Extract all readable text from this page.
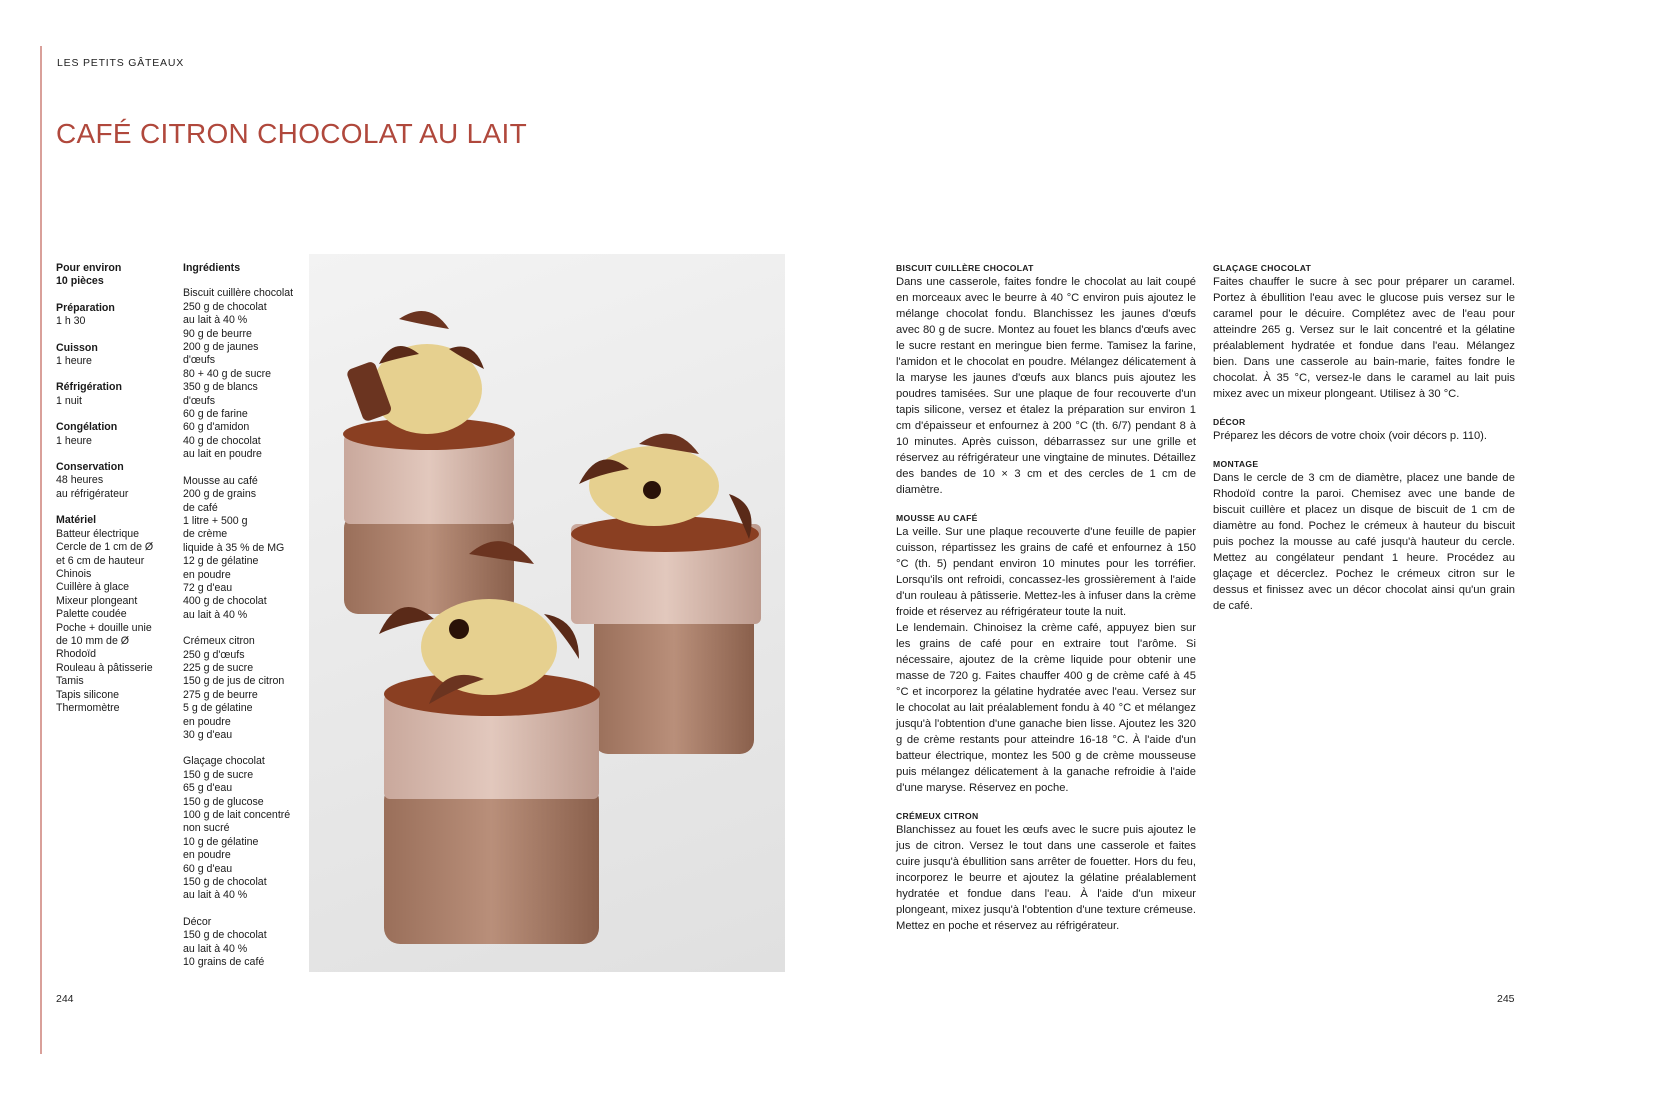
LES PETITS GÂTEAUX
CAFÉ CITRON CHOCOLAT AU LAIT
Pour environ
10 pièces
Préparation
1 h 30
Cuisson
1 heure
Réfrigération
1 nuit
Congélation
1 heure
Conservation
48 heures
au réfrigérateur
Matériel
Batteur électrique
Cercle de 1 cm de Ø
et 6 cm de hauteur
Chinois
Cuillère à glace
Mixeur plongeant
Palette coudée
Poche + douille unie
de 10 mm de Ø
Rhodoïd
Rouleau à pâtisserie
Tamis
Tapis silicone
Thermomètre
Ingrédients
Biscuit cuillère chocolat
250 g de chocolat
au lait à 40 %
90 g de beurre
200 g de jaunes
d'œufs
80 + 40 g de sucre
350 g de blancs
d'œufs
60 g de farine
60 g d'amidon
40 g de chocolat
au lait en poudre
Mousse au café
200 g de grains
de café
1 litre + 500 g
de crème
liquide à 35 % de MG
12 g de gélatine
en poudre
72 g d'eau
400 g de chocolat
au lait à 40 %
Crémeux citron
250 g d'œufs
225 g de sucre
150 g de jus de citron
275 g de beurre
5 g de gélatine
en poudre
30 g d'eau
Glaçage chocolat
150 g de sucre
65 g d'eau
150 g de glucose
100 g de lait concentré
non sucré
10 g de gélatine
en poudre
60 g d'eau
150 g de chocolat
au lait à 40 %
Décor
150 g de chocolat
au lait à 40 %
10 grains de café
BISCUIT CUILLÈRE CHOCOLAT
Dans une casserole, faites fondre le chocolat au lait coupé en morceaux avec le beurre à 40 °C environ puis ajoutez le mélange chocolat fondu. Blanchissez les jaunes d'œufs avec 80 g de sucre. Montez au fouet les blancs d'œufs avec le sucre restant en meringue bien ferme. Tamisez la farine, l'amidon et le chocolat en poudre. Mélangez délicatement à la maryse les jaunes d'œufs aux blancs puis ajoutez les poudres tamisées. Sur une plaque de four recouverte d'un tapis silicone, versez et étalez la préparation sur environ 1 cm d'épaisseur et enfournez à 200 °C (th. 6/7) pendant 8 à 10 minutes. Après cuisson, débarrassez sur une grille et réservez au réfrigérateur une vingtaine de minutes. Détaillez des bandes de 10 × 3 cm et des cercles de 1 cm de diamètre.
MOUSSE AU CAFÉ
La veille. Sur une plaque recouverte d'une feuille de papier cuisson, répartissez les grains de café et enfournez à 150 °C (th. 5) pendant environ 10 minutes pour les torréfier. Lorsqu'ils ont refroidi, concassez-les grossièrement à l'aide d'un rouleau à pâtisserie. Mettez-les à infuser dans la crème froide et réservez au réfrigérateur toute la nuit.
Le lendemain. Chinoisez la crème café, appuyez bien sur les grains de café pour en extraire tout l'arôme. Si nécessaire, ajoutez de la crème liquide pour obtenir une masse de 720 g. Faites chauffer 400 g de crème café à 45 °C et incorporez la gélatine hydratée avec l'eau. Versez sur le chocolat au lait préalablement fondu à 40 °C et mélangez jusqu'à l'obtention d'une ganache bien lisse. Ajoutez les 320 g de crème restants pour atteindre 16-18 °C. À l'aide d'un batteur électrique, montez les 500 g de crème mousseuse puis mélangez délicatement à la ganache refroidie à l'aide d'une maryse. Réservez en poche.
CRÉMEUX CITRON
Blanchissez au fouet les œufs avec le sucre puis ajoutez le jus de citron. Versez le tout dans une casserole et faites cuire jusqu'à ébullition sans arrêter de fouetter. Hors du feu, incorporez le beurre et ajoutez la gélatine préalablement hydratée et fondue dans l'eau. À l'aide d'un mixeur plongeant, mixez jusqu'à l'obtention d'une texture crémeuse. Mettez en poche et réservez au réfrigérateur.
GLAÇAGE CHOCOLAT
Faites chauffer le sucre à sec pour préparer un caramel. Portez à ébullition l'eau avec le glucose puis versez sur le caramel pour le décuire. Complétez avec de l'eau pour atteindre 265 g. Versez sur le lait concentré et la gélatine préalablement hydratée et fondue dans l'eau. Mélangez bien. Dans une casserole au bain-marie, faites fondre le chocolat. À 35 °C, versez-le dans le caramel au lait puis mixez avec un mixeur plongeant. Utilisez à 30 °C.
DÉCOR
Préparez les décors de votre choix (voir décors p. 110).
MONTAGE
Dans le cercle de 3 cm de diamètre, placez une bande de Rhodoïd contre la paroi. Chemisez avec une bande de biscuit cuillère et placez un disque de biscuit de 1 cm de diamètre au fond. Pochez le crémeux à hauteur du biscuit puis pochez la mousse au café jusqu'à hauteur du cercle. Mettez au congélateur pendant 1 heure. Procédez au glaçage et décerclez. Pochez le crémeux citron sur le dessus et finissez avec un décor chocolat ainsi qu'un grain de café.
244	245
